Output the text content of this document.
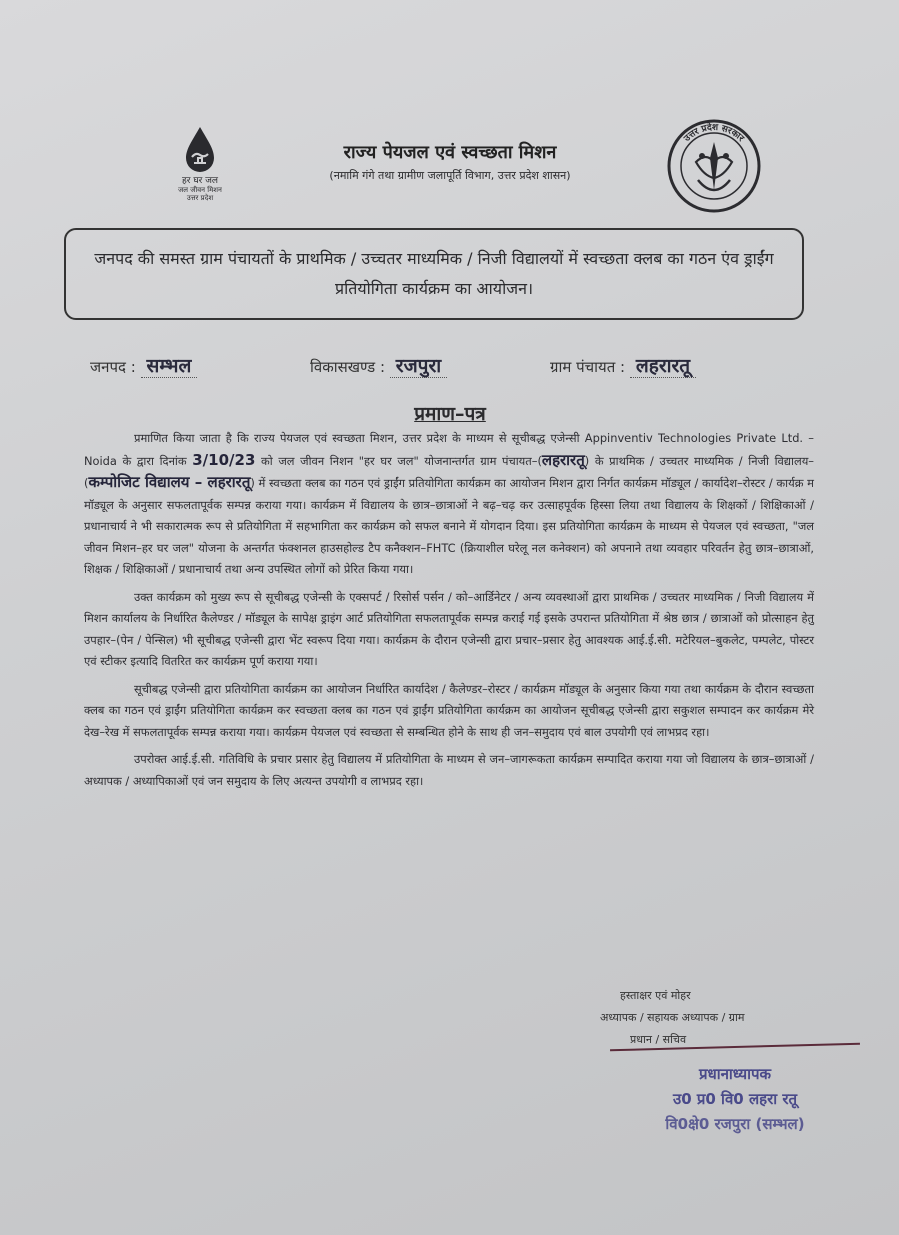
हर घर जल
जल जीवन मिशन
उत्तर प्रदेश
राज्य पेयजल एवं स्वच्छता मिशन
(नमामि गंगे तथा ग्रामीण जलापूर्ति विभाग, उत्तर प्रदेश शासन)
उत्तर प्रदेश सरकार
जनपद की समस्त ग्राम पंचायतों के प्राथमिक / उच्चतर माध्यमिक / निजी विद्यालयों में स्वच्छता क्लब का गठन एंव ड्राईंग प्रतियोगिता कार्यक्रम का आयोजन।
जनपद : सम्भल	विकासखण्ड : रजपुरा	ग्राम पंचायत : लहरारतू
प्रमाण–पत्र

प्रमाणित किया जाता है कि राज्य पेयजल एवं स्वच्छता मिशन, उत्तर प्रदेश के माध्यम से सूचीबद्ध एजेन्सी Appinventiv Technologies Private Ltd. – Noida के द्वारा दिनांक 3/10/23 को जल जीवन निशन "हर घर जल" योजनान्तर्गत ग्राम पंचायत–(लहरारतू) के प्राथमिक / उच्चतर माध्यमिक / निजी विद्यालय–(कम्पोजिट विद्यालय – लहरारतू) में स्वच्छता क्लब का गठन एवं ड्राईंग प्रतियोगिता कार्यक्रम का आयोजन मिशन द्वारा निर्गत कार्यक्रम मॉड्यूल / कार्यादेश–रोस्टर / कार्यक्र म मॉड्यूल के अनुसार सफलतापूर्वक सम्पन्न कराया गया। कार्यक्रम में विद्यालय के छात्र–छात्राओं ने बढ़–चढ़ कर उत्साहपूर्वक हिस्सा लिया तथा विद्यालय के शिक्षकों / शिक्षिकाओं / प्रधानाचार्य ने भी सकारात्मक रूप से प्रतियोगिता में सहभागिता कर कार्यक्रम को सफल बनाने में योगदान दिया। इस प्रतियोगिता कार्यक्रम के माध्यम से पेयजल एवं स्वच्छता, "जल जीवन मिशन–हर घर जल" योजना के अन्तर्गत फंक्शनल हाउसहोल्ड टैप कनैक्शन–FHTC (क्रियाशील घरेलू नल कनेक्शन) को अपनाने तथा व्यवहार परिवर्तन हेतु छात्र–छात्राओं, शिक्षक / शिक्षिकाओं / प्रधानाचार्य तथा अन्य उपस्थित लोगों को प्रेरित किया गया।

उक्त कार्यक्रम को मुख्य रूप से सूचीबद्ध एजेन्सी के एक्सपर्ट / रिसोर्स पर्सन / को–आर्डिनेटर / अन्य व्यवस्थाओं द्वारा प्राथमिक / उच्चतर माध्यमिक / निजी विद्यालय में मिशन कार्यालय के निर्धारित कैलेण्डर / मॉड्यूल के सापेक्ष ड्राइंग आर्ट प्रतियोगिता सफलतापूर्वक सम्पन्न कराई गई इसके उपरान्त प्रतियोगिता में श्रेष्ठ छात्र / छात्राओं को प्रोत्साहन हेतु उपहार–(पेन / पेन्सिल) भी सूचीबद्ध एजेन्सी द्वारा भेंट स्वरूप दिया गया। कार्यक्रम के दौरान एजेन्सी द्वारा प्रचार–प्रसार हेतु आवश्यक आई.ई.सी. मटेरियल–बुकलेट, पम्पलेट, पोस्टर एवं स्टीकर इत्यादि वितरित कर कार्यक्रम पूर्ण कराया गया।

सूचीबद्ध एजेन्सी द्वारा प्रतियोगिता कार्यक्रम का आयोजन निर्धारित कार्यादेश / कैलेण्डर–रोस्टर / कार्यक्रम मॉड्यूल के अनुसार किया गया तथा कार्यक्रम के दौरान स्वच्छता क्लब का गठन एवं ड्राईंग प्रतियोगिता कार्यक्रम कर स्वच्छता क्लब का गठन एवं ड्राईंग प्रतियोगिता कार्यक्रम का आयोजन सूचीबद्ध एजेन्सी द्वारा सकुशल सम्पादन कर कार्यक्रम मेरे देख–रेख में सफलतापूर्वक सम्पन्न कराया गया। कार्यक्रम पेयजल एवं स्वच्छता से सम्बन्धित होने के साथ ही जन–समुदाय एवं बाल उपयोगी एवं लाभप्रद रहा।

उपरोक्त आई.ई.सी. गतिविधि के प्रचार प्रसार हेतु विद्यालय में प्रतियोगिता के माध्यम से जन–जागरूकता कार्यक्रम सम्पादित कराया गया जो विद्यालय के छात्र–छात्राओं / अध्यापक / अध्यापिकाओं एवं जन समुदाय के लिए अत्यन्त उपयोगी व लाभप्रद रहा।

हस्ताक्षर एवं मोहर
अध्यापक / सहायक अध्यापक / ग्राम
प्रधान / सचिव
प्रधानाध्यापक
उ0 प्र0 वि0 लहरा रतू
वि0क्षे0 रजपुरा (सम्भल)
